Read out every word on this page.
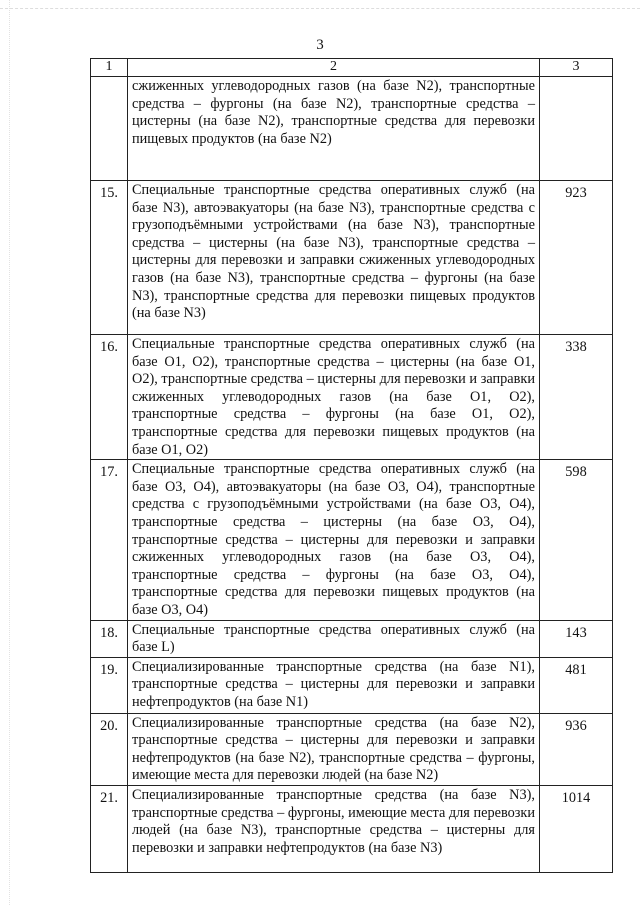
3
1	2	3
	сжиженных углеводородных газов (на базе N2), транспортные средства – фургоны (на базе N2), транспортные средства – цистерны (на базе N2), транспортные средства для перевозки пищевых продуктов (на базе N2)	
15.	Специальные транспортные средства оперативных служб (на базе N3), автоэвакуаторы (на базе N3), транспортные средства с грузоподъёмными устройствами (на базе N3), транспортные средства – цистерны (на базе N3), транспортные средства – цистерны для перевозки и заправки сжиженных углеводородных газов (на базе N3), транспортные средства – фургоны (на базе N3), транспортные средства для перевозки пищевых продуктов (на базе N3)	923
16.	Специальные транспортные средства оперативных служб (на базе O1, O2), транспортные средства – цистерны (на базе O1, O2), транспортные средства – цистерны для перевозки и заправки сжиженных углеводородных газов (на базе O1, O2), транспортные средства – фургоны (на базе O1, O2), транспортные средства для перевозки пищевых продуктов (на базе O1, O2)	338
17.	Специальные транспортные средства оперативных служб (на базе O3, O4), автоэвакуаторы (на базе O3, O4), транспортные средства с грузоподъёмными устройствами (на базе O3, O4), транспортные средства – цистерны (на базе O3, O4), транспортные средства – цистерны для перевозки и заправки сжиженных углеводородных газов (на базе O3, O4), транспортные средства – фургоны (на базе O3, O4), транспортные средства для перевозки пищевых продуктов (на базе O3, O4)	598
18.	Специальные транспортные средства оперативных служб (на базе L)	143
19.	Специализированные транспортные средства (на базе N1), транспортные средства – цистерны для перевозки и заправки нефтепродуктов (на базе N1)	481
20.	Специализированные транспортные средства (на базе N2), транспортные средства – цистерны для перевозки и заправки нефтепродуктов (на базе N2), транспортные средства – фургоны, имеющие места для перевозки людей (на базе N2)	936
21.	Специализированные транспортные средства (на базе N3), транспортные средства – фургоны, имеющие места для перевозки людей (на базе N3), транспортные средства – цистерны для перевозки и заправки нефтепродуктов (на базе N3)	1014
